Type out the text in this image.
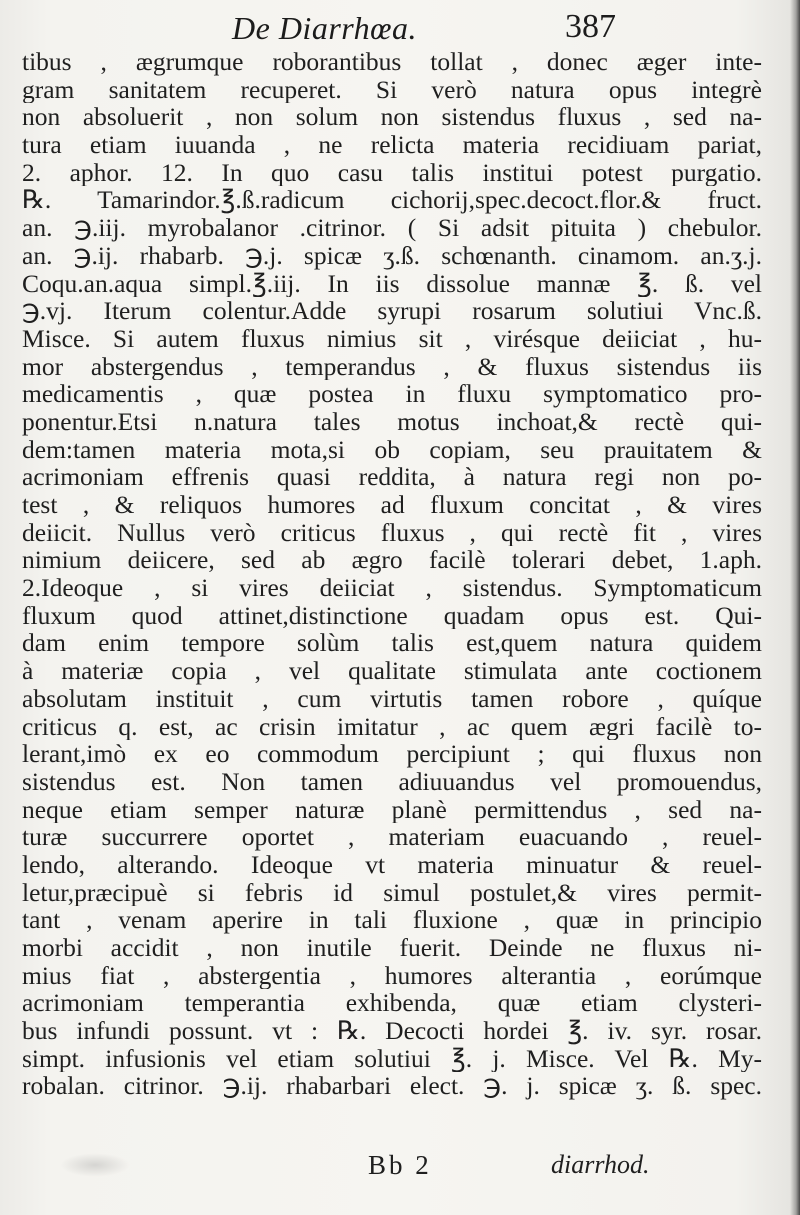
De Diarrhœa.	387
tibus , ægrumque roborantibus tollat , donec æger inte-
gram sanitatem recuperet. Si verò natura opus integrè
non absoluerit , non solum non sistendus fluxus , sed na-
tura etiam iuuanda , ne relicta materia recidiuam pariat,
2. aphor. 12. In quo casu talis institui potest purgatio.
℞. Tamarindor.℥.ß.radicum cichorij,spec.decoct.flor.& fruct.
an. ℈.iij. myrobalanor .citrinor. ( Si adsit pituita ) chebulor.
an. ℈.ij. rhabarb. ℈.j. spicæ ʒ.ß. schœnanth. cinamom. an.ʒ.j.
Coqu.an.aqua simpl.℥.iij. In iis dissolue mannæ ℥. ß. vel
℈.vj. Iterum colentur.Adde syrupi rosarum solutiui Vnc.ß.
Misce. Si autem fluxus nimius sit , virésque deiiciat , hu-
mor abstergendus , temperandus , & fluxus sistendus iis
medicamentis , quæ postea in fluxu symptomatico pro-
ponentur.Etsi n.natura tales motus inchoat,& rectè qui-
dem:tamen materia mota,si ob copiam, seu prauitatem &
acrimoniam effrenis quasi reddita, à natura regi non po-
test , & reliquos humores ad fluxum concitat , & vires
deiicit. Nullus verò criticus fluxus , qui rectè fit , vires
nimium deiicere, sed ab ægro facilè tolerari debet, 1.aph.
2.Ideoque , si vires deiiciat , sistendus. Symptomaticum
fluxum quod attinet,distinctione quadam opus est. Qui-
dam enim tempore solùm talis est,quem natura quidem
à materiæ copia , vel qualitate stimulata ante coctionem
absolutam instituit , cum virtutis tamen robore , quíque
criticus q. est, ac crisin imitatur , ac quem ægri facilè to-
lerant,imò ex eo commodum percipiunt ; qui fluxus non
sistendus est. Non tamen adiuuandus vel promouendus,
neque etiam semper naturæ planè permittendus , sed na-
turæ succurrere oportet , materiam euacuando , reuel-
lendo, alterando. Ideoque vt materia minuatur & reuel-
letur,præcipuè si febris id simul postulet,& vires permit-
tant , venam aperire in tali fluxione , quæ in principio
morbi accidit , non inutile fuerit. Deinde ne fluxus ni-
mius fiat , abstergentia , humores alterantia , eorúmque
acrimoniam temperantia exhibenda, quæ etiam clysteri-
bus infundi possunt. vt : ℞. Decocti hordei ℥. iv. syr. rosar.
simpt. infusionis vel etiam solutiui ℥. j. Misce. Vel ℞. My-
robalan. citrinor. ℈.ij. rhabarbari elect. ℈. j. spicæ ʒ. ß. spec.
Bb 2	diarrhod.
